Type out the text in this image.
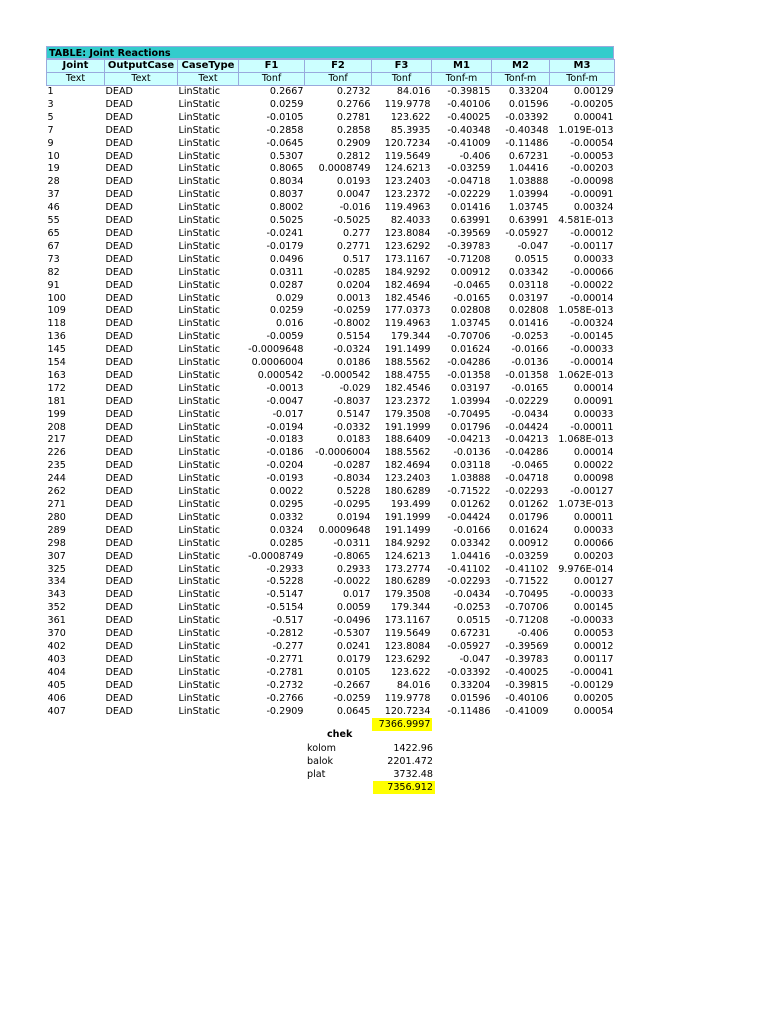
TABLE: Joint Reactions
Joint	OutputCase	CaseType	F1	F2	F3	M1	M2	M3
Text	Text	Text	Tonf	Tonf	Tonf	Tonf-m	Tonf-m	Tonf-m
1	DEAD	LinStatic	0.2667	0.2732	84.016	-0.39815	0.33204	0.00129
3	DEAD	LinStatic	0.0259	0.2766	119.9778	-0.40106	0.01596	-0.00205
5	DEAD	LinStatic	-0.0105	0.2781	123.622	-0.40025	-0.03392	0.00041
7	DEAD	LinStatic	-0.2858	0.2858	85.3935	-0.40348	-0.40348	1.019E-013
9	DEAD	LinStatic	-0.0645	0.2909	120.7234	-0.41009	-0.11486	-0.00054
10	DEAD	LinStatic	0.5307	0.2812	119.5649	-0.406	0.67231	-0.00053
19	DEAD	LinStatic	0.8065	0.0008749	124.6213	-0.03259	1.04416	-0.00203
28	DEAD	LinStatic	0.8034	0.0193	123.2403	-0.04718	1.03888	-0.00098
37	DEAD	LinStatic	0.8037	0.0047	123.2372	-0.02229	1.03994	-0.00091
46	DEAD	LinStatic	0.8002	-0.016	119.4963	0.01416	1.03745	0.00324
55	DEAD	LinStatic	0.5025	-0.5025	82.4033	0.63991	0.63991	4.581E-013
65	DEAD	LinStatic	-0.0241	0.277	123.8084	-0.39569	-0.05927	-0.00012
67	DEAD	LinStatic	-0.0179	0.2771	123.6292	-0.39783	-0.047	-0.00117
73	DEAD	LinStatic	0.0496	0.517	173.1167	-0.71208	0.0515	0.00033
82	DEAD	LinStatic	0.0311	-0.0285	184.9292	0.00912	0.03342	-0.00066
91	DEAD	LinStatic	0.0287	0.0204	182.4694	-0.0465	0.03118	-0.00022
100	DEAD	LinStatic	0.029	0.0013	182.4546	-0.0165	0.03197	-0.00014
109	DEAD	LinStatic	0.0259	-0.0259	177.0373	0.02808	0.02808	1.058E-013
118	DEAD	LinStatic	0.016	-0.8002	119.4963	1.03745	0.01416	-0.00324
136	DEAD	LinStatic	-0.0059	0.5154	179.344	-0.70706	-0.0253	-0.00145
145	DEAD	LinStatic	-0.0009648	-0.0324	191.1499	0.01624	-0.0166	-0.00033
154	DEAD	LinStatic	0.0006004	0.0186	188.5562	-0.04286	-0.0136	-0.00014
163	DEAD	LinStatic	0.000542	-0.000542	188.4755	-0.01358	-0.01358	1.062E-013
172	DEAD	LinStatic	-0.0013	-0.029	182.4546	0.03197	-0.0165	0.00014
181	DEAD	LinStatic	-0.0047	-0.8037	123.2372	1.03994	-0.02229	0.00091
199	DEAD	LinStatic	-0.017	0.5147	179.3508	-0.70495	-0.0434	0.00033
208	DEAD	LinStatic	-0.0194	-0.0332	191.1999	0.01796	-0.04424	-0.00011
217	DEAD	LinStatic	-0.0183	0.0183	188.6409	-0.04213	-0.04213	1.068E-013
226	DEAD	LinStatic	-0.0186	-0.0006004	188.5562	-0.0136	-0.04286	0.00014
235	DEAD	LinStatic	-0.0204	-0.0287	182.4694	0.03118	-0.0465	0.00022
244	DEAD	LinStatic	-0.0193	-0.8034	123.2403	1.03888	-0.04718	0.00098
262	DEAD	LinStatic	0.0022	0.5228	180.6289	-0.71522	-0.02293	-0.00127
271	DEAD	LinStatic	0.0295	-0.0295	193.499	0.01262	0.01262	1.073E-013
280	DEAD	LinStatic	0.0332	0.0194	191.1999	-0.04424	0.01796	0.00011
289	DEAD	LinStatic	0.0324	0.0009648	191.1499	-0.0166	0.01624	0.00033
298	DEAD	LinStatic	0.0285	-0.0311	184.9292	0.03342	0.00912	0.00066
307	DEAD	LinStatic	-0.0008749	-0.8065	124.6213	1.04416	-0.03259	0.00203
325	DEAD	LinStatic	-0.2933	0.2933	173.2774	-0.41102	-0.41102	9.976E-014
334	DEAD	LinStatic	-0.5228	-0.0022	180.6289	-0.02293	-0.71522	0.00127
343	DEAD	LinStatic	-0.5147	0.017	179.3508	-0.0434	-0.70495	-0.00033
352	DEAD	LinStatic	-0.5154	0.0059	179.344	-0.0253	-0.70706	0.00145
361	DEAD	LinStatic	-0.517	-0.0496	173.1167	0.0515	-0.71208	-0.00033
370	DEAD	LinStatic	-0.2812	-0.5307	119.5649	0.67231	-0.406	0.00053
402	DEAD	LinStatic	-0.277	0.0241	123.8084	-0.05927	-0.39569	0.00012
403	DEAD	LinStatic	-0.2771	0.0179	123.6292	-0.047	-0.39783	0.00117
404	DEAD	LinStatic	-0.2781	0.0105	123.622	-0.03392	-0.40025	-0.00041
405	DEAD	LinStatic	-0.2732	-0.2667	84.016	0.33204	-0.39815	-0.00129
406	DEAD	LinStatic	-0.2766	-0.0259	119.9778	0.01596	-0.40106	0.00205
407	DEAD	LinStatic	-0.2909	0.0645	120.7234	-0.11486	-0.41009	0.00054
					7366.9997			
chek
kolom	1422.96
balok	2201.472
plat	3732.48
7356.912
